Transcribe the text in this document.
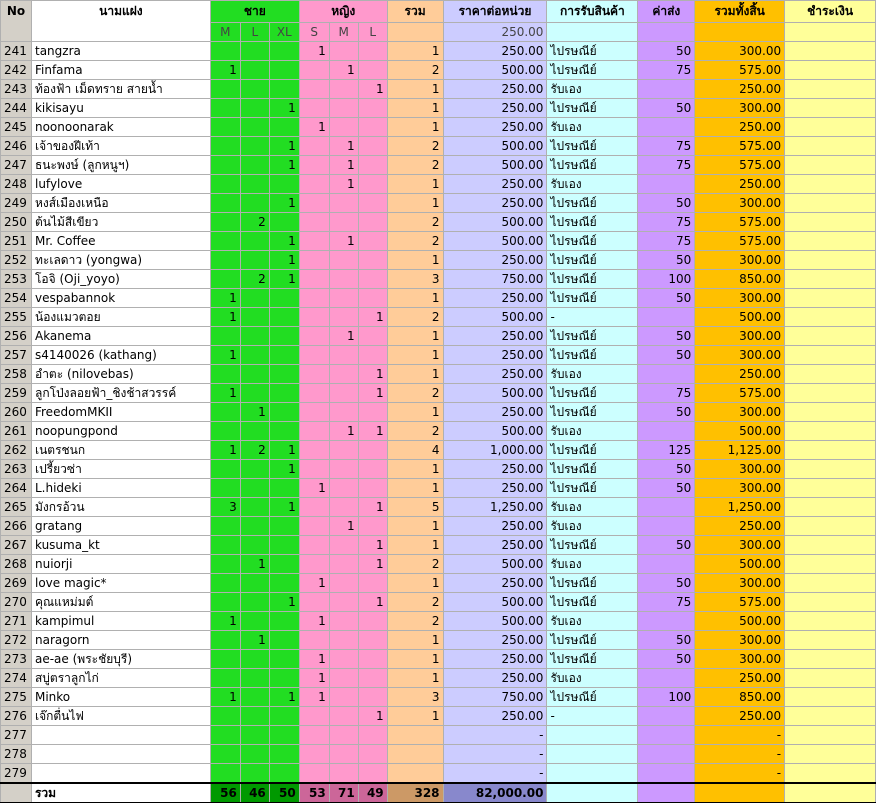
No	นามแฝง	ชาย			หญิง			รวม	ราคาต่อหน่วย	การรับสินค้า	ค่าส่ง	รวมทั้งสิ้น	ชำระเงิน
		M	L	XL	S	M	L		250.00				
241	tangzra				1			1	250.00	ไปรษณีย์	50	300.00	
242	Finfama	1				1		2	500.00	ไปรษณีย์	75	575.00	
243	ท้องฟ้า เม็ดทราย สายน้ำ						1	1	250.00	รับเอง		250.00	
244	kikisayu			1				1	250.00	ไปรษณีย์	50	300.00	
245	noonoonarak				1			1	250.00	รับเอง		250.00	
246	เจ้าของฝีเท้า			1		1		2	500.00	ไปรษณีย์	75	575.00	
247	ธนะพงษ์ (ลูกหนูฯ)			1		1		2	500.00	ไปรษณีย์	75	575.00	
248	lufylove					1		1	250.00	รับเอง		250.00	
249	หงส์เมืองเหนือ			1				1	250.00	ไปรษณีย์	50	300.00	
250	ต้นไม้สีเขียว		2					2	500.00	ไปรษณีย์	75	575.00	
251	Mr. Coffee			1		1		2	500.00	ไปรษณีย์	75	575.00	
252	ทะเลดาว (yongwa)			1				1	250.00	ไปรษณีย์	50	300.00	
253	โอจิ (Oji_yoyo)		2	1				3	750.00	ไปรษณีย์	100	850.00	
254	vespabannok	1						1	250.00	ไปรษณีย์	50	300.00	
255	น้องแมวตอย	1					1	2	500.00	-		500.00	
256	Akanema					1		1	250.00	ไปรษณีย์	50	300.00	
257	s4140026 (kathang)	1						1	250.00	ไปรษณีย์	50	300.00	
258	อำตะ (nilovebas)						1	1	250.00	รับเอง		250.00	
259	ลูกโป่งลอยฟ้า_ชิงช้าสวรรค์	1					1	2	500.00	ไปรษณีย์	75	575.00	
260	FreedomMKII		1					1	250.00	ไปรษณีย์	50	300.00	
261	noopungpond					1	1	2	500.00	รับเอง		500.00	
262	เนตรชนก	1	2	1				4	1,000.00	ไปรษณีย์	125	1,125.00	
263	เปรี้ยวซ่า			1				1	250.00	ไปรษณีย์	50	300.00	
264	L.hideki				1			1	250.00	ไปรษณีย์	50	300.00	
265	มังกรอ้วน	3		1			1	5	1,250.00	รับเอง		1,250.00	
266	gratang					1		1	250.00	รับเอง		250.00	
267	kusuma_kt						1	1	250.00	ไปรษณีย์	50	300.00	
268	nuiorji		1				1	2	500.00	รับเอง		500.00	
269	love magic*				1			1	250.00	ไปรษณีย์	50	300.00	
270	คุณแหม่มต์			1			1	2	500.00	ไปรษณีย์	75	575.00	
271	kampimul	1			1			2	500.00	รับเอง		500.00	
272	naragorn		1					1	250.00	ไปรษณีย์	50	300.00	
273	ae-ae (พระชัยบุรี)				1			1	250.00	ไปรษณีย์	50	300.00	
274	สบู่ตราลูกไก่				1			1	250.00	รับเอง		250.00	
275	Minko	1		1	1			3	750.00	ไปรษณีย์	100	850.00	
276	เจ๊กตื่นไฟ						1	1	250.00	-		250.00	
277									-			-	
278									-			-	
279									-			-	
	รวม	56	46	50	53	71	49	328	82,000.00				
